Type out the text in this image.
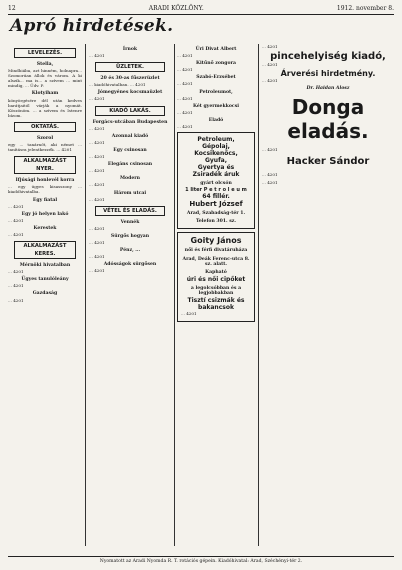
12	ARADI KÖZLÖNY.	1912. november 8.
Apró hirdetések.
LEVELEZÉS.
Stella,
Mindhiába, azt hinném, holnapra... Szomorúan állok és várom. A ki alszik... ma is... a szívem ... mint mindig, ... Üdv. P.
Klotyiham
könyörgésére dél után kedves barátjaitól várják a nyomát. Köszönöm. ... a szívem és Istenre bízom.
OKTATÁS.
Szorol
egy ... tanárnőt, aki német ... tanításra jelentkezzék. ... 4201
ALKALMAZÁST NYER.
Ifjúsági honlevél korra
... egy ügyes kisasszony ... kiadóhivatalba.
Egy fiatal
... 4201
Egy jó helyen lakó
... 4201
Kerestek
... 4201
ALKALMAZÁST KERES.
Mérnöki hivatalban
... 4201
Ügyes tanulóleány
... 4201
Gazdaság
... 4201
Írnok
... 4201
ÜZLETEK.
20 és 30-as fűszerüzlet
... kiadóhivatalban. ... 4201
Jómegyénes kocsmaüzlet
... 4201
KIADÓ LAKÁS.
Forgács-utcában Budapesten
... 4201
Azonnal kiadó
... 4201
Egy csinosan
... 4201
Elegáns csinosan
... 4201
Modern
... 4201
Három utcai
... 4201
VÉTEL ÉS ELADÁS.
Vennék
... 4201
Sürgős hogyan
... 4201
Pénz, ...
... 4201
Adósságok sürgősen
... 4201
Úri Divat Albert
... 4201
Kitűnő zongora
... 4201
Szabó-Erzsébet
... 4201
Petroleumot,
... 4201
Két gyermekkocsi
... 4201
Eladó
... 4201
Petroleum,
Gépolaj,
Kocsikenőcs,
Gyufa,
Gyertya és
Zsiradék áruk
gyárt olcsón
1 liter P e t r o l e u m
64 fillér.
Hubert József
Arad, Szabadság-tér 1.
Telefon 301. sz.
Goity János
női és férfi divatáruháza
Arad, Deák Ferenc-utca 8. sz. alatt.
Kapható
úri és női cipőket
a legolcsóbban és a legjobbakban
Tisztí csizmák és bakancsok
... 4201
... 4201
pincehelyiség kiadó,
... 4201
Árverési hirdetmény.
... 4201
Dr. Haidan Alosz
Donga eladás.
... 4201
Hacker Sándor
... 4201
... 4201
Nyomatott az Aradi Nyomda R. T. rotációs gépein. Kiadóhivatal: Arad, Széchényi-tér 2.
